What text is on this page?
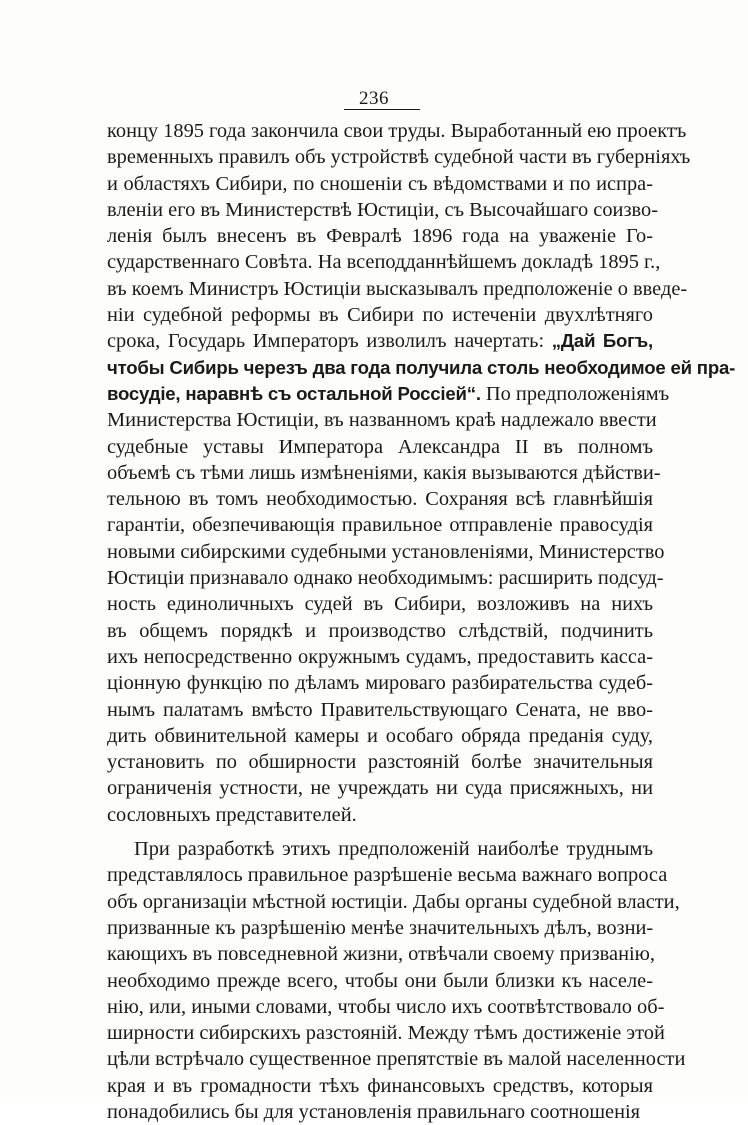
236
концу 1895 года закончила свои труды. Выработанный ею проектъ
временныхъ правилъ объ устройствѣ судебной части въ губерніяхъ
и областяхъ Сибири, по сношеніи съ вѣдомствами и по испра-
вленіи его въ Министерствѣ Юстиціи, съ Высочайшаго соизво-
ленія былъ внесенъ въ Февралѣ 1896 года на уваженіе Го-
сударственнаго Совѣта. На всеподданнѣйшемъ докладѣ 1895 г.,
въ коемъ Министръ Юстиціи высказывалъ предположеніе о введе-
ніи судебной реформы въ Сибири по истеченіи двухлѣтняго
срока, Государь Императоръ изволилъ начертать: „Дай Богъ,
чтобы Сибирь черезъ два года получила столь необходимое ей пра-
восудіе, наравнѣ съ остальной Россіей“. По предположеніямъ
Министерства Юстиціи, въ названномъ краѣ надлежало ввести
судебные уставы Императора Александра II въ полномъ
объемѣ съ тѣми лишь измѣненіями, какія вызываются дѣйстви-
тельною въ томъ необходимостью. Сохраняя всѣ главнѣйшія
гарантіи, обезпечивающія правильное отправленіе правосудія
новыми сибирскими судебными установленіями, Министерство
Юстиціи признавало однако необходимымъ: расширить подсуд-
ность единоличныхъ судей въ Сибири, возложивъ на нихъ
въ общемъ порядкѣ и производство слѣдствій, подчинить
ихъ непосредственно окружнымъ судамъ, предоставить касса-
ціонную функцію по дѣламъ мироваго разбирательства судеб-
нымъ палатамъ вмѣсто Правительствующаго Сената, не вво-
дить обвинительной камеры и особаго обряда преданія суду,
установить по обширности разстояній болѣе значительныя
ограниченія устности, не учреждать ни суда присяжныхъ, ни
сословныхъ представителей.
При разработкѣ этихъ предположеній наиболѣе труднымъ
представлялось правильное разрѣшеніе весьма важнаго вопроса
объ организаціи мѣстной юстиціи. Дабы органы судебной власти,
призванные къ разрѣшенію менѣе значительныхъ дѣлъ, возни-
кающихъ въ повседневной жизни, отвѣчали своему призванію,
необходимо прежде всего, чтобы они были близки къ населе-
нію, или, иными словами, чтобы число ихъ соотвѣтствовало об-
ширности сибирскихъ разстояній. Между тѣмъ достиженіе этой
цѣли встрѣчало существенное препятствіе въ малой населенности
края и въ громадности тѣхъ финансовыхъ средствъ, которыя
понадобились бы для установленія правильнаго соотношенія
